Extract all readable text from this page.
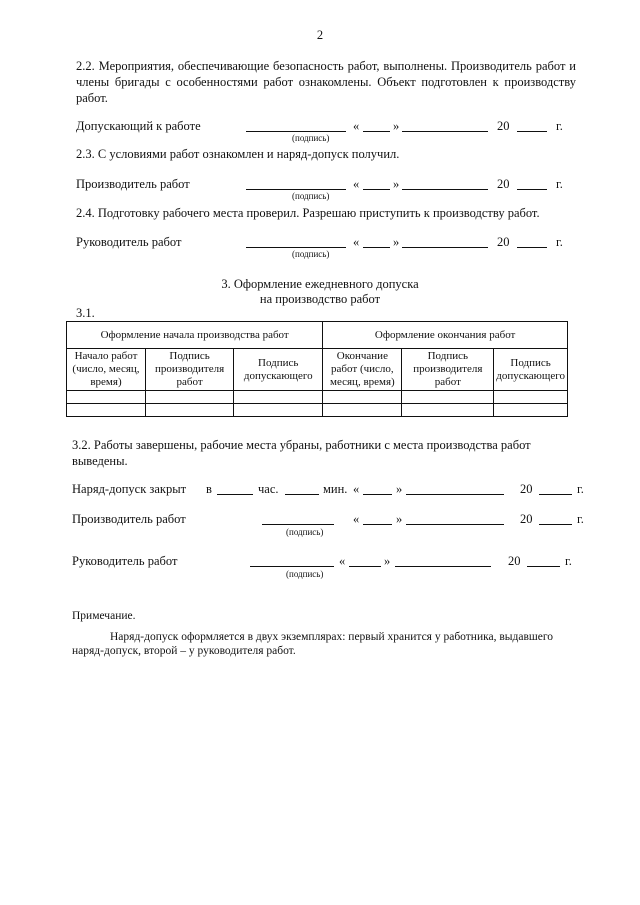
2
2.2. Мероприятия, обеспечивающие безопасность работ, выполнены. Производитель работ и члены бригады с особенностями работ ознакомлены. Объект подготовлен к производству работ.
Допускающий к работе
(подпись)
«	»	20	г.
2.3. С условиями работ ознакомлен и наряд-допуск получил.
Производитель работ
(подпись)
«	»	20	г.
2.4. Подготовку рабочего места проверил. Разрешаю приступить к производству работ.
Руководитель работ
(подпись)
«	»	20	г.
3. Оформление ежедневного допуска
на производство работ
3.1.
Оформление начала производства работ			Оформление окончания работ		
Начало работ (число, месяц, время)	Подпись производителя работ	Подпись допускающего	Окончание работ (число, месяц, время)	Подпись производителя работ	Подпись допускающего

3.2. Работы завершены, рабочие места убраны, работники с места производства работ выведены.
Наряд-допуск закрыт в	час.	мин. «	»	20	г.
Производитель работ
(подпись)
«	»	20	г.
Руководитель работ
(подпись)
«	»	20	г.
Примечание.
Наряд-допуск оформляется в двух экземплярах: первый хранится у работника, выдавшего наряд-допуск, второй – у руководителя работ.
